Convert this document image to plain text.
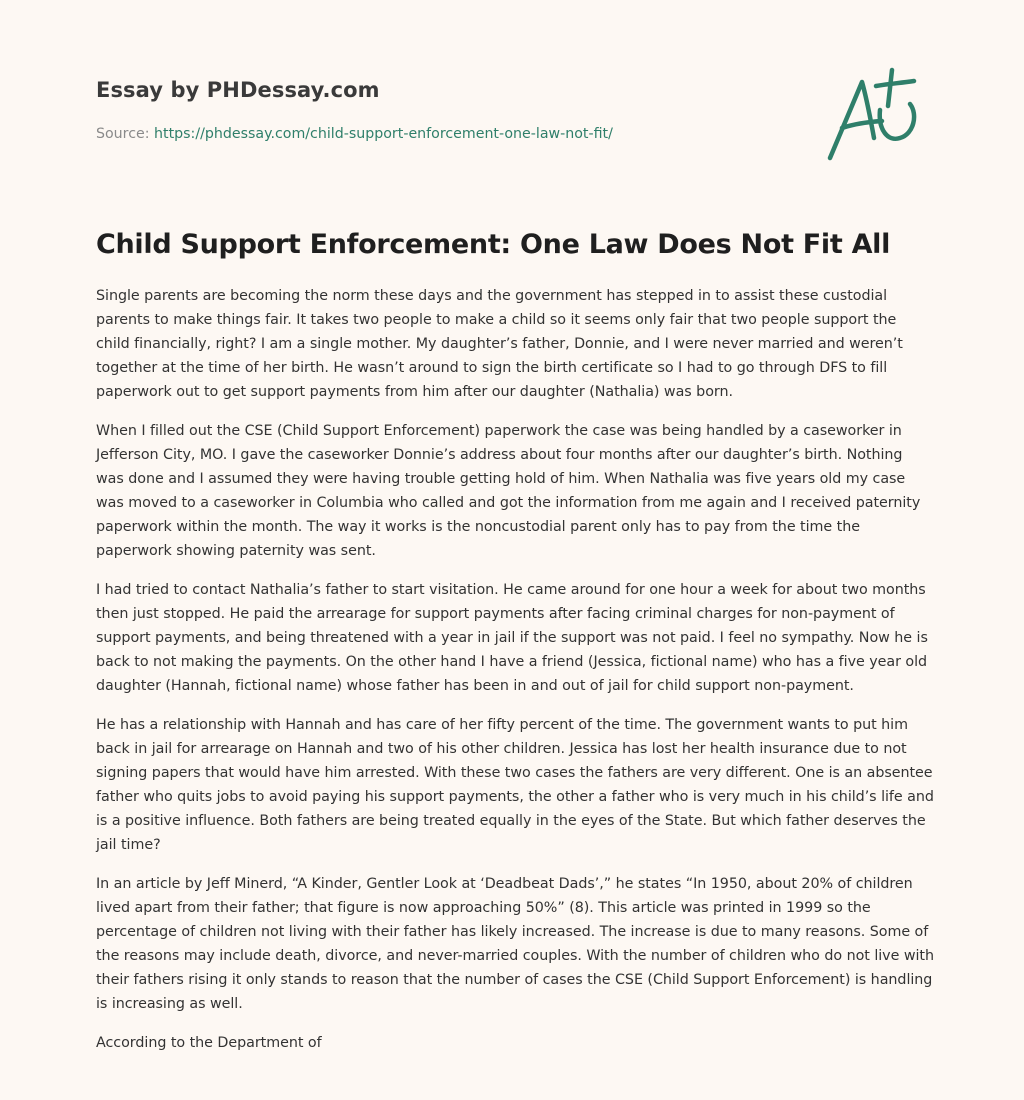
Essay by PHDessay.com
Source: https://phdessay.com/child-support-enforcement-one-law-not-fit/
Child Support Enforcement: One Law Does Not Fit All

Single parents are becoming the norm these days and the government has stepped in to assist these custodial parents to make things fair. It takes two people to make a child so it seems only fair that two people support the child financially, right? I am a single mother. My daughter’s father, Donnie, and I were never married and weren’t together at the time of her birth. He wasn’t around to sign the birth certificate so I had to go through DFS to fill paperwork out to get support payments from him after our daughter (Nathalia) was born.

When I filled out the CSE (Child Support Enforcement) paperwork the case was being handled by a caseworker in Jefferson City, MO. I gave the caseworker Donnie’s address about four months after our daughter’s birth. Nothing was done and I assumed they were having trouble getting hold of him. When Nathalia was five years old my case was moved to a caseworker in Columbia who called and got the information from me again and I received paternity paperwork within the month. The way it works is the noncustodial parent only has to pay from the time the paperwork showing paternity was sent.

I had tried to contact Nathalia’s father to start visitation. He came around for one hour a week for about two months then just stopped. He paid the arrearage for support payments after facing criminal charges for non-payment of support payments, and being threatened with a year in jail if the support was not paid. I feel no sympathy. Now he is back to not making the payments. On the other hand I have a friend (Jessica, fictional name) who has a five year old daughter (Hannah, fictional name) whose father has been in and out of jail for child support non-payment.

He has a relationship with Hannah and has care of her fifty percent of the time. The government wants to put him back in jail for arrearage on Hannah and two of his other children. Jessica has lost her health insurance due to not signing papers that would have him arrested. With these two cases the fathers are very different. One is an absentee father who quits jobs to avoid paying his support payments, the other a father who is very much in his child’s life and is a positive influence. Both fathers are being treated equally in the eyes of the State. But which father deserves the jail time?

In an article by Jeff Minerd, “A Kinder, Gentler Look at ‘Deadbeat Dads’,” he states “In 1950, about 20% of children lived apart from their father; that figure is now approaching 50%” (8). This article was printed in 1999 so the percentage of children not living with their father has likely increased. The increase is due to many reasons. Some of the reasons may include death, divorce, and never-married couples. With the number of children who do not live with their fathers rising it only stands to reason that the number of cases the CSE (Child Support Enforcement) is handling is increasing as well.

According to the Department of
